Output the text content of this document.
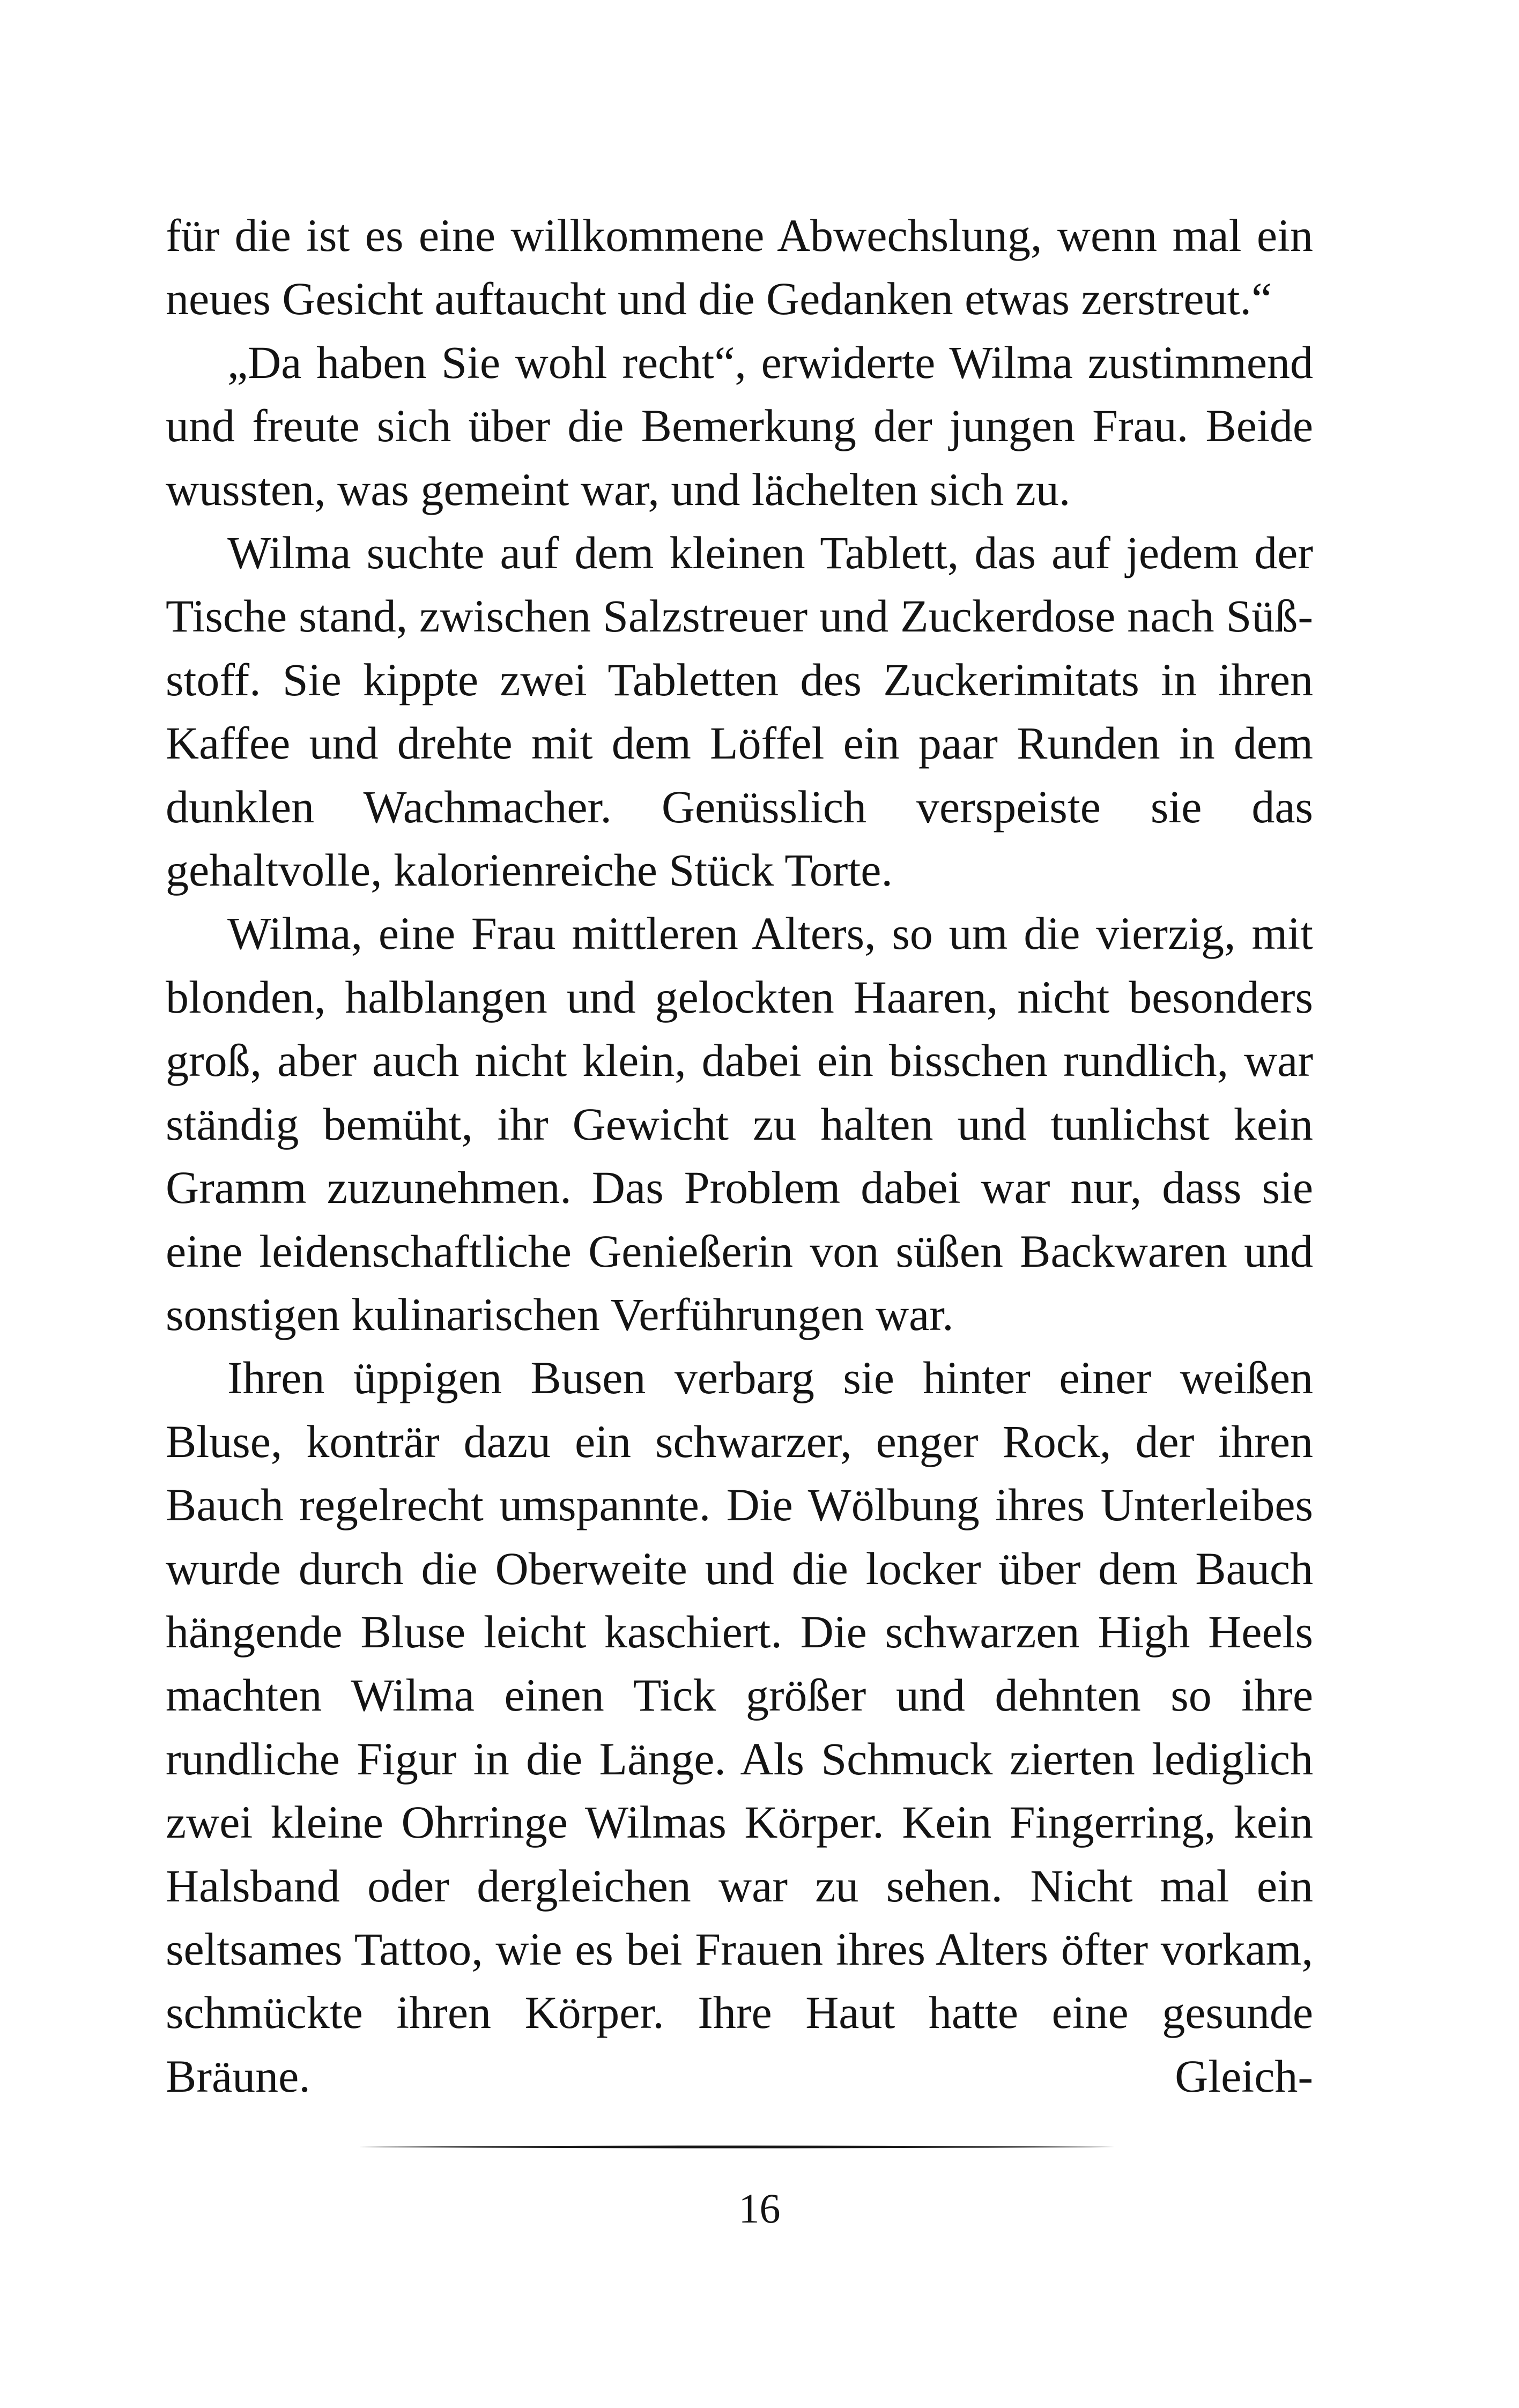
für die ist es eine willkommene Abwechslung, wenn mal ein neues Gesicht auftaucht und die Gedanken etwas zerstreut.“

„Da haben Sie wohl recht“, erwiderte Wilma zustimmend und freute sich über die Bemerkung der jungen Frau. Beide wussten, was gemeint war, und lächelten sich zu.

Wilma suchte auf dem kleinen Tablett, das auf jedem der Tische stand, zwischen Salzstreuer und Zuckerdose nach Süßstoff. Sie kippte zwei Tabletten des Zuckerimitats in ihren Kaffee und drehte mit dem Löffel ein paar Runden in dem dunklen Wachmacher. Genüsslich verspeiste sie das gehaltvolle, kalorienreiche Stück Torte.

Wilma, eine Frau mittleren Alters, so um die vierzig, mit blonden, halblangen und gelockten Haaren, nicht besonders groß, aber auch nicht klein, dabei ein bisschen rundlich, war ständig bemüht, ihr Gewicht zu halten und tunlichst kein Gramm zuzunehmen. Das Problem dabei war nur, dass sie eine leidenschaftliche Genießerin von süßen Backwaren und sonstigen kulinarischen Verführungen war.

Ihren üppigen Busen verbarg sie hinter einer weißen Bluse, konträr dazu ein schwarzer, enger Rock, der ihren Bauch regelrecht umspannte. Die Wölbung ihres Unterleibes wurde durch die Oberweite und die locker über dem Bauch hängende Bluse leicht kaschiert. Die schwarzen High Heels machten Wilma einen Tick größer und dehnten so ihre rundliche Figur in die Länge. Als Schmuck zierten lediglich zwei kleine Ohrringe Wilmas Körper. Kein Fingerring, kein Halsband oder dergleichen war zu sehen. Nicht mal ein seltsames Tattoo, wie es bei Frauen ihres Alters öfter vorkam, schmückte ihren Körper. Ihre Haut hatte eine gesunde Bräune. Gleich-

16
